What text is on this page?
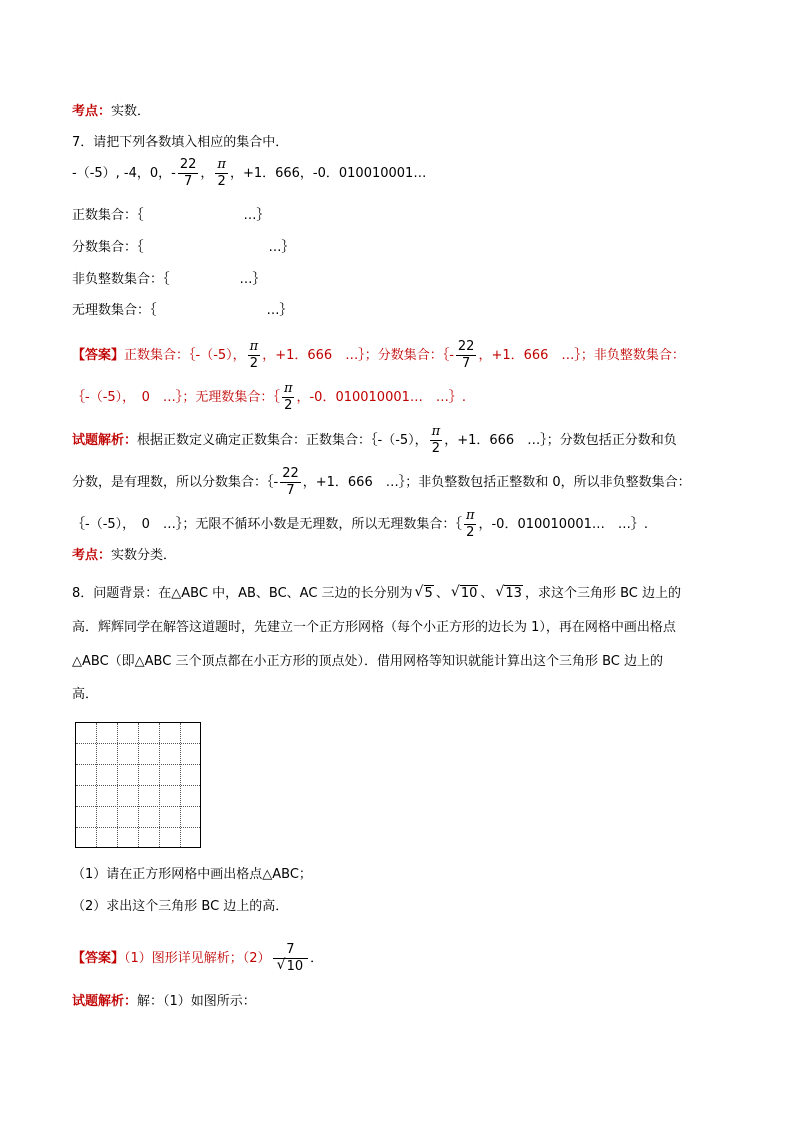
考点：实数．
7．请把下列各数填入相应的集合中．
-（-5）, -4，0，- $\frac{22}{7}$ ， $\frac{\pi}{2}$ ，+1．666，-0．010010001…
正数集合：｛	…｝
分数集合：｛	…｝
非负整数集合：｛	…｝
无理数集合：｛	…｝
【答案】正数集合：｛-（-5）， $\frac{\pi}{2}$ ，+1．666　…｝；分数集合：｛- $\frac{22}{7}$ ，+1．666　…｝；非负整数集合：
｛-（-5），　0　…｝；无理数集合：｛ $\frac{\pi}{2}$ ，-0．010010001…　…｝.
试题解析：根据正数定义确定正数集合：正数集合：｛-（-5）， $\frac{\pi}{2}$ ，+1．666　…｝；分数包括正分数和负
分数，是有理数，所以分数集合：｛- $\frac{22}{7}$ ，+1．666　…｝；非负整数包括正整数和 0，所以非负整数集合：
｛-（-5），　0　…｝；无限不循环小数是无理数，所以无理数集合：｛ $\frac{\pi}{2}$ ，-0．010010001…　…｝.
考点：实数分类．
8．问题背景：在△ABC 中，AB、BC、AC 三边的长分别为 √ 5 、 √ 10 、 √ 13 ，求这个三角形 BC 边上的
高．辉辉同学在解答这道题时，先建立一个正方形网格（每个小正方形的边长为 1），再在网格中画出格点
△ABC（即△ABC 三个顶点都在小正方形的顶点处）．借用网格等知识就能计算出这个三角形 BC 边上的
高．
（1）请在正方形网格中画出格点△ABC；
（2）求出这个三角形 BC 边上的高．
【答案】（1）图形详见解析；$(2) \frac{7}{√ 10}$ ．
试题解析：解：（1）如图所示：
